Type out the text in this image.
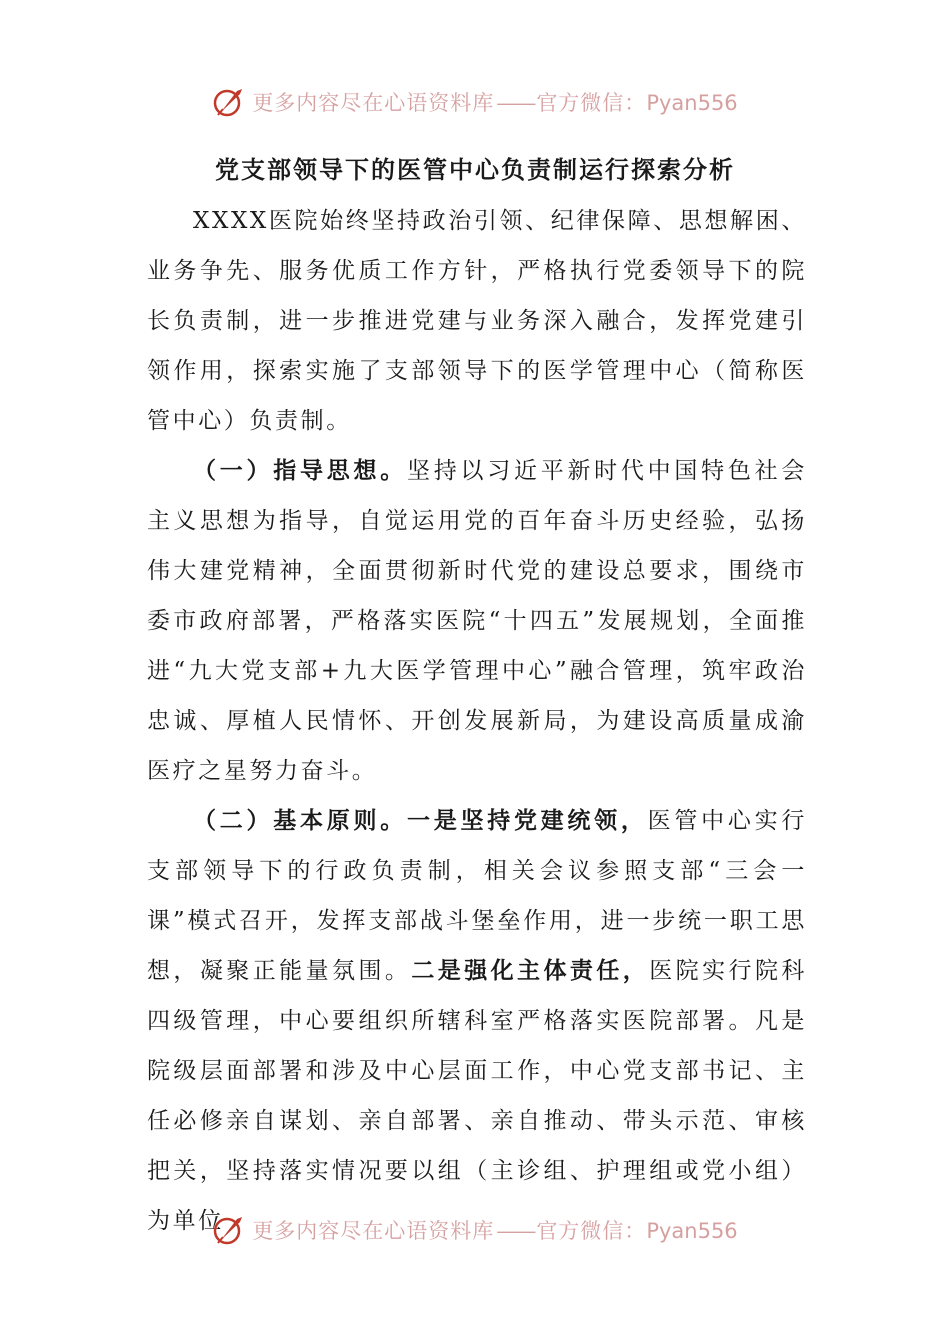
更多内容尽在心语资料库——官方微信：Pyan556
党支部领导下的医管中心负责制运行探索分析

XXXX医院始终坚持政治引领、纪律保障、思想解困、业务争先、服务优质工作方针，严格执行党委领导下的院长负责制，进一步推进党建与业务深入融合，发挥党建引领作用，探索实施了支部领导下的医学管理中心（简称医管中心）负责制。

（一）指导思想。坚持以习近平新时代中国特色社会主义思想为指导，自觉运用党的百年奋斗历史经验，弘扬伟大建党精神，全面贯彻新时代党的建设总要求，围绕市委市政府部署，严格落实医院“十四五”发展规划，全面推进“九大党支部+九大医学管理中心”融合管理，筑牢政治忠诚、厚植人民情怀、开创发展新局，为建设高质量成渝医疗之星努力奋斗。

（二）基本原则。一是坚持党建统领，医管中心实行支部领导下的行政负责制，相关会议参照支部“三会一课”模式召开，发挥支部战斗堡垒作用，进一步统一职工思想，凝聚正能量氛围。二是强化主体责任，医院实行院科四级管理，中心要组织所辖科室严格落实医院部署。凡是院级层面部署和涉及中心层面工作，中心党支部书记、主任必修亲自谋划、亲自部署、亲自推动、带头示范、审核把关，坚持落实情况要以组（主诊组、护理组或党小组）为单位	更多内容尽在心语资料库——官方微信：Pyan556
